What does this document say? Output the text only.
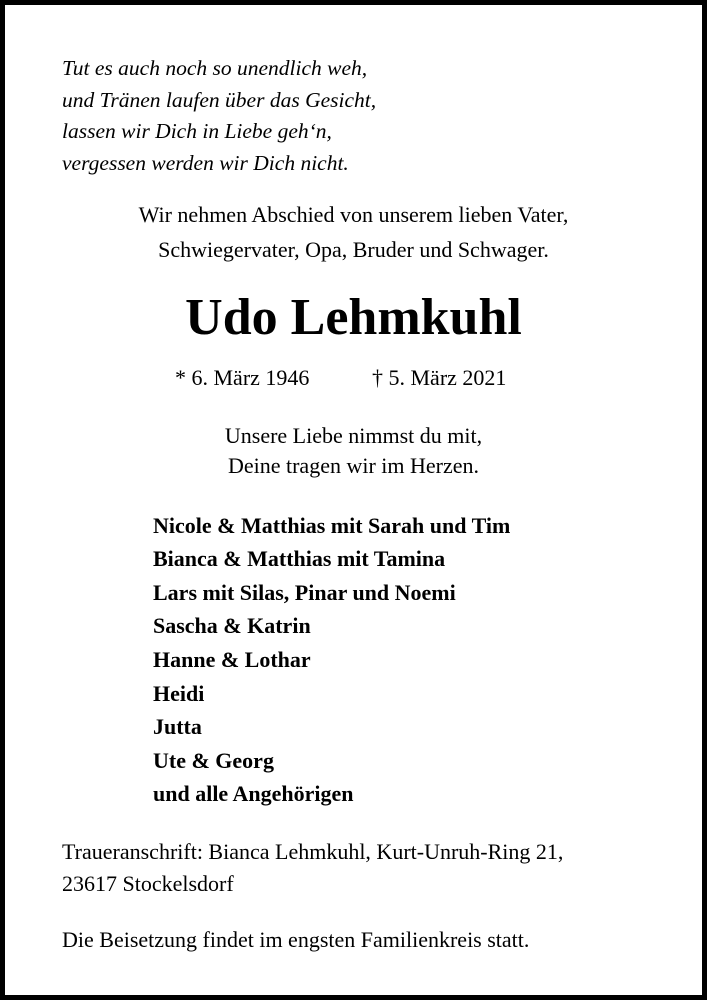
Tut es auch noch so unendlich weh,
und Tränen laufen über das Gesicht,
lassen wir Dich in Liebe geh‘n,
vergessen werden wir Dich nicht.
Wir nehmen Abschied von unserem lieben Vater,
Schwiegervater, Opa, Bruder und Schwager.
Udo Lehmkuhl
* 6. März 1946	† 5. März 2021
Unsere Liebe nimmst du mit,
Deine tragen wir im Herzen.
Nicole & Matthias mit Sarah und Tim
Bianca & Matthias mit Tamina
Lars mit Silas, Pinar und Noemi
Sascha & Katrin
Hanne & Lothar
Heidi
Jutta
Ute & Georg
und alle Angehörigen
Traueranschrift: Bianca Lehmkuhl, Kurt-Unruh-Ring 21,
23617 Stockelsdorf
Die Beisetzung findet im engsten Familienkreis statt.
